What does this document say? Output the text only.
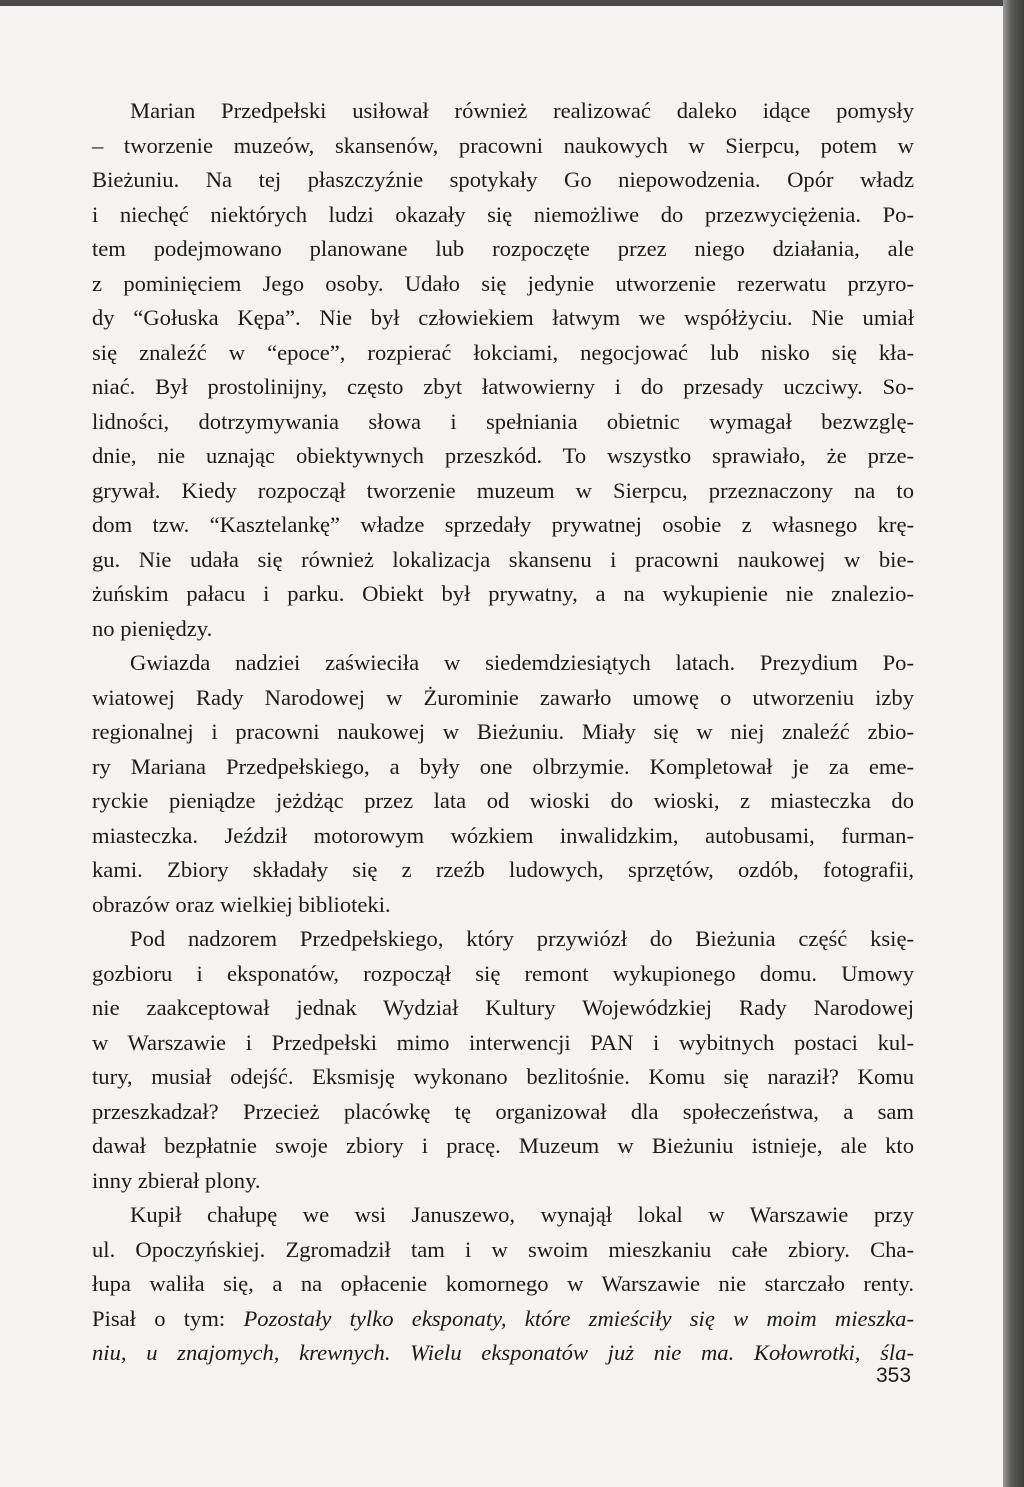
Marian Przedpełski usiłował również realizować daleko idące pomysły
– tworzenie muzeów, skansenów, pracowni naukowych w Sierpcu, potem w
Bieżuniu. Na tej płaszczyźnie spotykały Go niepowodzenia. Opór władz
i niechęć niektórych ludzi okazały się niemożliwe do przezwyciężenia. Po-
tem podejmowano planowane lub rozpoczęte przez niego działania, ale
z pominięciem Jego osoby. Udało się jedynie utworzenie rezerwatu przyro-
dy “Gołuska Kępa”. Nie był człowiekiem łatwym we współżyciu. Nie umiał
się znaleźć w “epoce”, rozpierać łokciami, negocjować lub nisko się kła-
niać. Był prostolinijny, często zbyt łatwowierny i do przesady uczciwy. So-
lidności, dotrzymywania słowa i spełniania obietnic wymagał bezwzglę-
dnie, nie uznając obiektywnych przeszkód. To wszystko sprawiało, że prze-
grywał. Kiedy rozpoczął tworzenie muzeum w Sierpcu, przeznaczony na to
dom tzw. “Kasztelankę” władze sprzedały prywatnej osobie z własnego krę-
gu. Nie udała się również lokalizacja skansenu i pracowni naukowej w bie-
żuńskim pałacu i parku. Obiekt był prywatny, a na wykupienie nie znalezio-
no pieniędzy.
Gwiazda nadziei zaświeciła w siedemdziesiątych latach. Prezydium Po-
wiatowej Rady Narodowej w Żurominie zawarło umowę o utworzeniu izby
regionalnej i pracowni naukowej w Bieżuniu. Miały się w niej znaleźć zbio-
ry Mariana Przedpełskiego, a były one olbrzymie. Kompletował je za eme-
ryckie pieniądze jeżdżąc przez lata od wioski do wioski, z miasteczka do
miasteczka. Jeździł motorowym wózkiem inwalidzkim, autobusami, furman-
kami. Zbiory składały się z rzeźb ludowych, sprzętów, ozdób, fotografii,
obrazów oraz wielkiej biblioteki.
Pod nadzorem Przedpełskiego, który przywiózł do Bieżunia część księ-
gozbioru i eksponatów, rozpoczął się remont wykupionego domu. Umowy
nie zaakceptował jednak Wydział Kultury Wojewódzkiej Rady Narodowej
w Warszawie i Przedpełski mimo interwencji PAN i wybitnych postaci kul-
tury, musiał odejść. Eksmisję wykonano bezlitośnie. Komu się naraził? Komu
przeszkadzał? Przecież placówkę tę organizował dla społeczeństwa, a sam
dawał bezpłatnie swoje zbiory i pracę. Muzeum w Bieżuniu istnieje, ale kto
inny zbierał plony.
Kupił chałupę we wsi Januszewo, wynajął lokal w Warszawie przy
ul. Opoczyńskiej. Zgromadził tam i w swoim mieszkaniu całe zbiory. Cha-
łupa waliła się, a na opłacenie komornego w Warszawie nie starczało renty.
Pisał o tym: Pozostały tylko eksponaty, które zmieściły się w moim mieszka-
niu, u znajomych, krewnych. Wielu eksponatów już nie ma. Kołowrotki, śla-
353
